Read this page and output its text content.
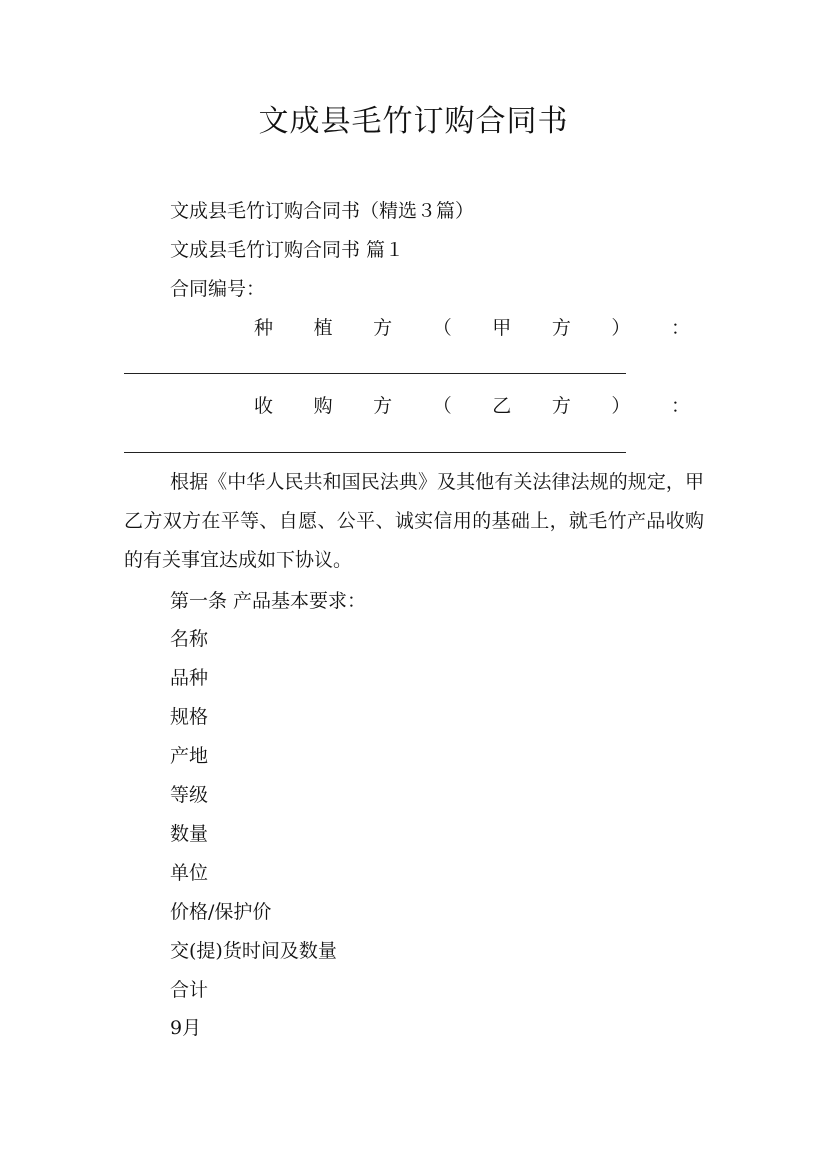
文成县毛竹订购合同书
文成县毛竹订购合同书（精选３篇）
文成县毛竹订购合同书 篇１
合同编号：
种 植 方 （ 甲 方 ） ：
收 购 方 （ 乙 方 ） ：
根据《中华人民共和国民法典》及其他有关法律法规的规定，甲乙方双方在平等、自愿、公平、诚实信用的基础上，就毛竹产品收购的有关事宜达成如下协议。
第一条 产品基本要求：
名称
品种
规格
产地
等级
数量
单位
价格/保护价
交(提)货时间及数量
合计
9月
